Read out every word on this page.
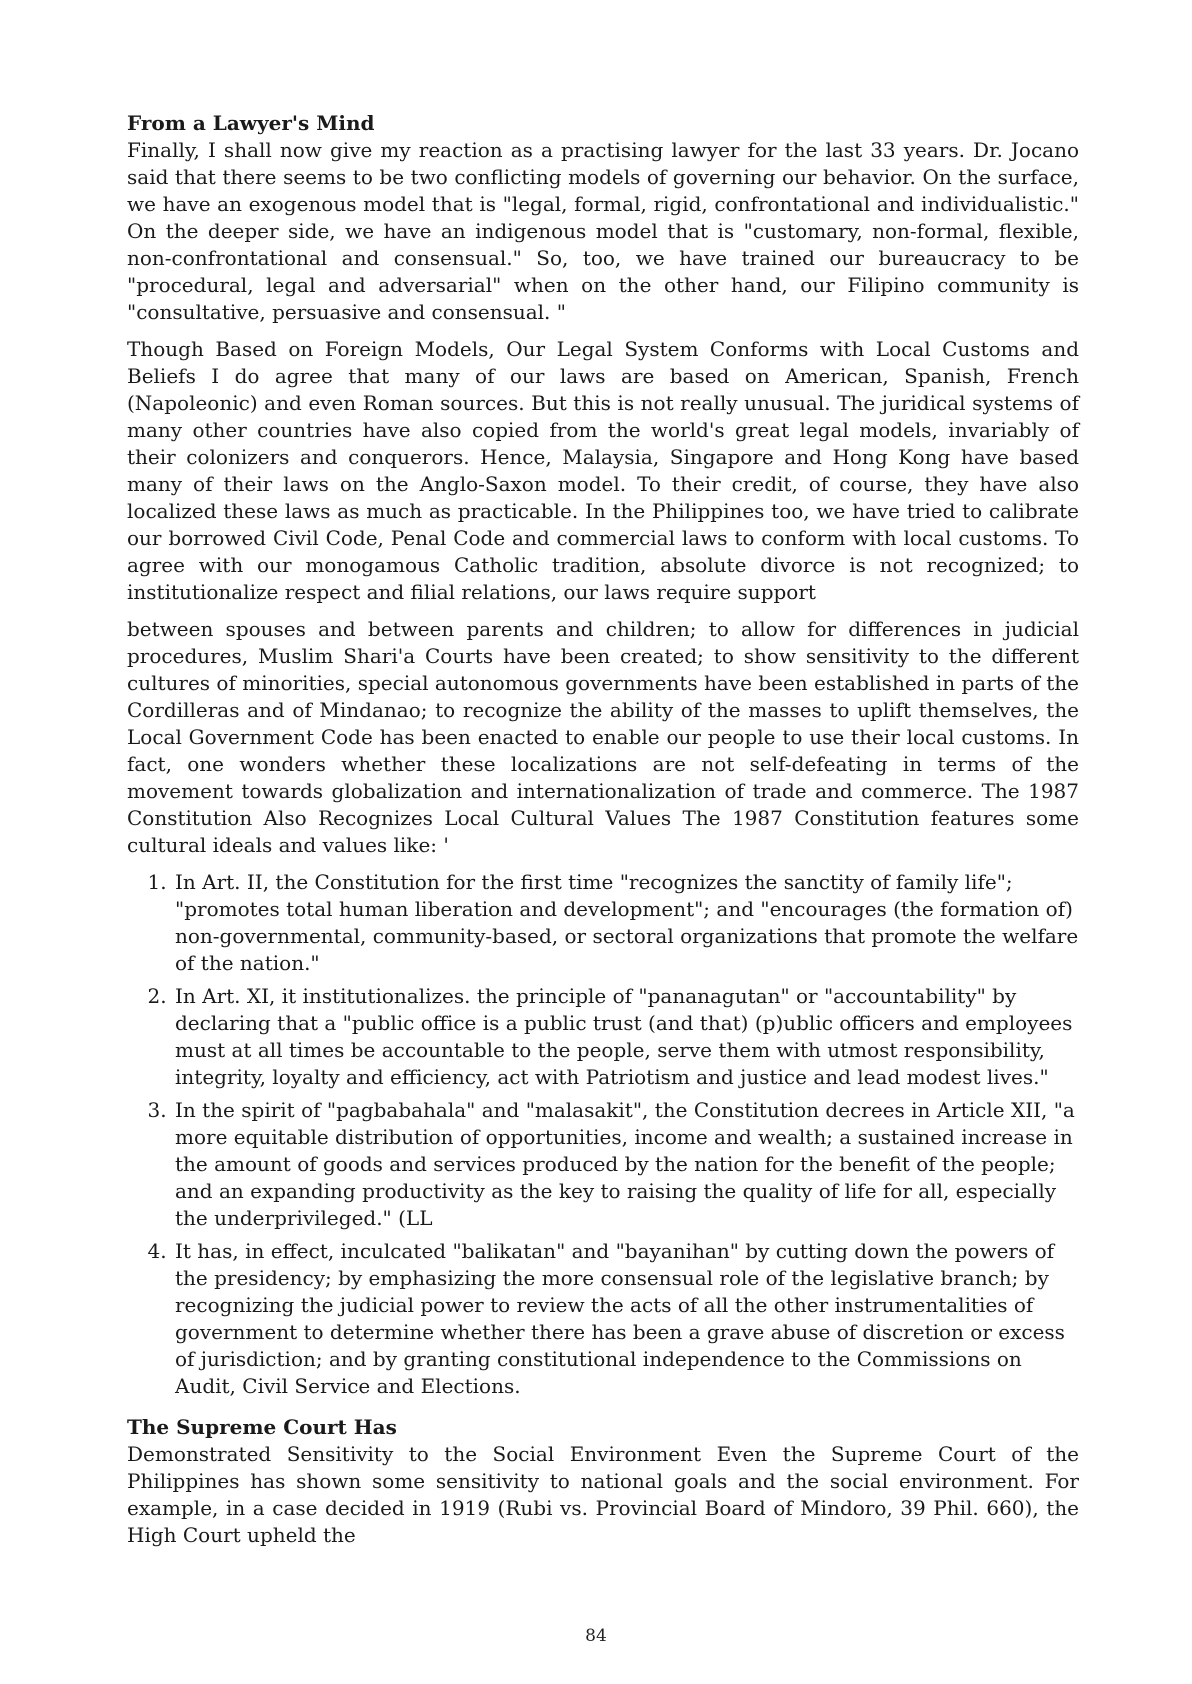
From a Lawyer's Mind

Finally, I shall now give my reaction as a practising lawyer for the last 33 years. Dr. Jocano said that there seems to be two conflicting models of governing our behavior. On the surface, we have an exogenous model that is "legal, formal, rigid, confrontational and individualistic." On the deeper side, we have an indigenous model that is "customary, non-formal, flexible, non-confrontational and consensual." So, too, we have trained our bureaucracy to be "procedural, legal and adversarial" when on the other hand, our Filipino community is "consultative, persuasive and consensual. "

Though Based on Foreign Models, Our Legal System Conforms with Local Customs and Beliefs I do agree that many of our laws are based on American, Spanish, French (Napoleonic) and even Roman sources. But this is not really unusual. The juridical systems of many other countries have also copied from the world's great legal models, invariably of their colonizers and conquerors. Hence, Malaysia, Singapore and Hong Kong have based many of their laws on the Anglo-Saxon model. To their credit, of course, they have also localized these laws as much as practicable. In the Philippines too, we have tried to calibrate our borrowed Civil Code, Penal Code and commercial laws to conform with local customs. To agree with our monogamous Catholic tradition, absolute divorce is not recognized; to institutionalize respect and filial relations, our laws require support

between spouses and between parents and children; to allow for differences in judicial procedures, Muslim Shari'a Courts have been created; to show sensitivity to the different cultures of minorities, special autonomous governments have been established in parts of the Cordilleras and of Mindanao; to recognize the ability of the masses to uplift themselves, the Local Government Code has been enacted to enable our people to use their local customs. In fact, one wonders whether these localizations are not self-defeating in terms of the movement towards globalization and internationalization of trade and commerce. The 1987 Constitution Also Recognizes Local Cultural Values The 1987 Constitution features some cultural ideals and values like: '

1. In Art. II, the Constitution for the first time "recognizes the sanctity of family life"; "promotes total human liberation and development"; and "encourages (the formation of) non-governmental, community-based, or sectoral organizations that promote the welfare of the nation."
2. In Art. XI, it institutionalizes. the principle of "pananagutan" or "accountability" by declaring that a "public office is a public trust (and that) (p)ublic officers and employees must at all times be accountable to the people, serve them with utmost responsibility, integrity, loyalty and efficiency, act with Patriotism and justice and lead modest lives."
3. In the spirit of "pagbabahala" and "malasakit", the Constitution decrees in Article XII, "a more equitable distribution of opportunities, income and wealth; a sustained increase in the amount of goods and services produced by the nation for the benefit of the people; and an expanding productivity as the key to raising the quality of life for all, especially the underprivileged." (LL
4. It has, in effect, inculcated "balikatan" and "bayanihan" by cutting down the powers of the presidency; by emphasizing the more consensual role of the legislative branch; by recognizing the judicial power to review the acts of all the other instrumentalities of government to determine whether there has been a grave abuse of discretion or excess of jurisdiction; and by granting constitutional independence to the Commissions on Audit, Civil Service and Elections.
The Supreme Court Has

Demonstrated Sensitivity to the Social Environment Even the Supreme Court of the Philippines has shown some sensitivity to national goals and the social environment. For example, in a case decided in 1919 (Rubi vs. Provincial Board of Mindoro, 39 Phil. 660), the High Court upheld the

84
